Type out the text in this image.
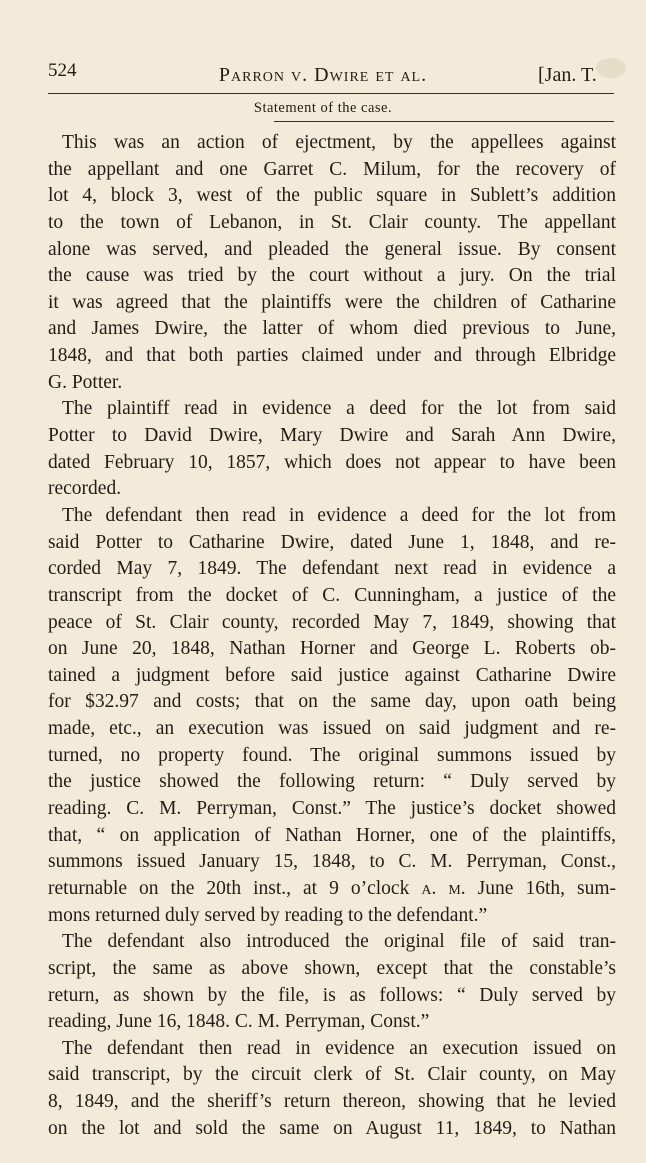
524	Parron v. Dwire et al.	[Jan. T.
Statement of the case.
This was an action of ejectment, by the appellees against
the appellant and one Garret C. Milum, for the recovery of
lot 4, block 3, west of the public square in Sublett’s addition
to the town of Lebanon, in St. Clair county. The appellant
alone was served, and pleaded the general issue. By consent
the cause was tried by the court without a jury. On the trial
it was agreed that the plaintiffs were the children of Catharine
and James Dwire, the latter of whom died previous to June,
1848, and that both parties claimed under and through Elbridge
G. Potter.
The plaintiff read in evidence a deed for the lot from said
Potter to David Dwire, Mary Dwire and Sarah Ann Dwire,
dated February 10, 1857, which does not appear to have been
recorded.
The defendant then read in evidence a deed for the lot from
said Potter to Catharine Dwire, dated June 1, 1848, and re-
corded May 7, 1849. The defendant next read in evidence a
transcript from the docket of C. Cunningham, a justice of the
peace of St. Clair county, recorded May 7, 1849, showing that
on June 20, 1848, Nathan Horner and George L. Roberts ob-
tained a judgment before said justice against Catharine Dwire
for $32.97 and costs; that on the same day, upon oath being
made, etc., an execution was issued on said judgment and re-
turned, no property found. The original summons issued by
the justice showed the following return: “ Duly served by
reading. C. M. Perryman, Const.” The justice’s docket showed
that, “ on application of Nathan Horner, one of the plaintiffs,
summons issued January 15, 1848, to C. M. Perryman, Const.,
returnable on the 20th inst., at 9 o’clock a. m. June 16th, sum-
mons returned duly served by reading to the defendant.”
The defendant also introduced the original file of said tran-
script, the same as above shown, except that the constable’s
return, as shown by the file, is as follows: “ Duly served by
reading, June 16, 1848. C. M. Perryman, Const.”
The defendant then read in evidence an execution issued on
said transcript, by the circuit clerk of St. Clair county, on May
8, 1849, and the sheriff’s return thereon, showing that he levied
on the lot and sold the same on August 11, 1849, to Nathan
